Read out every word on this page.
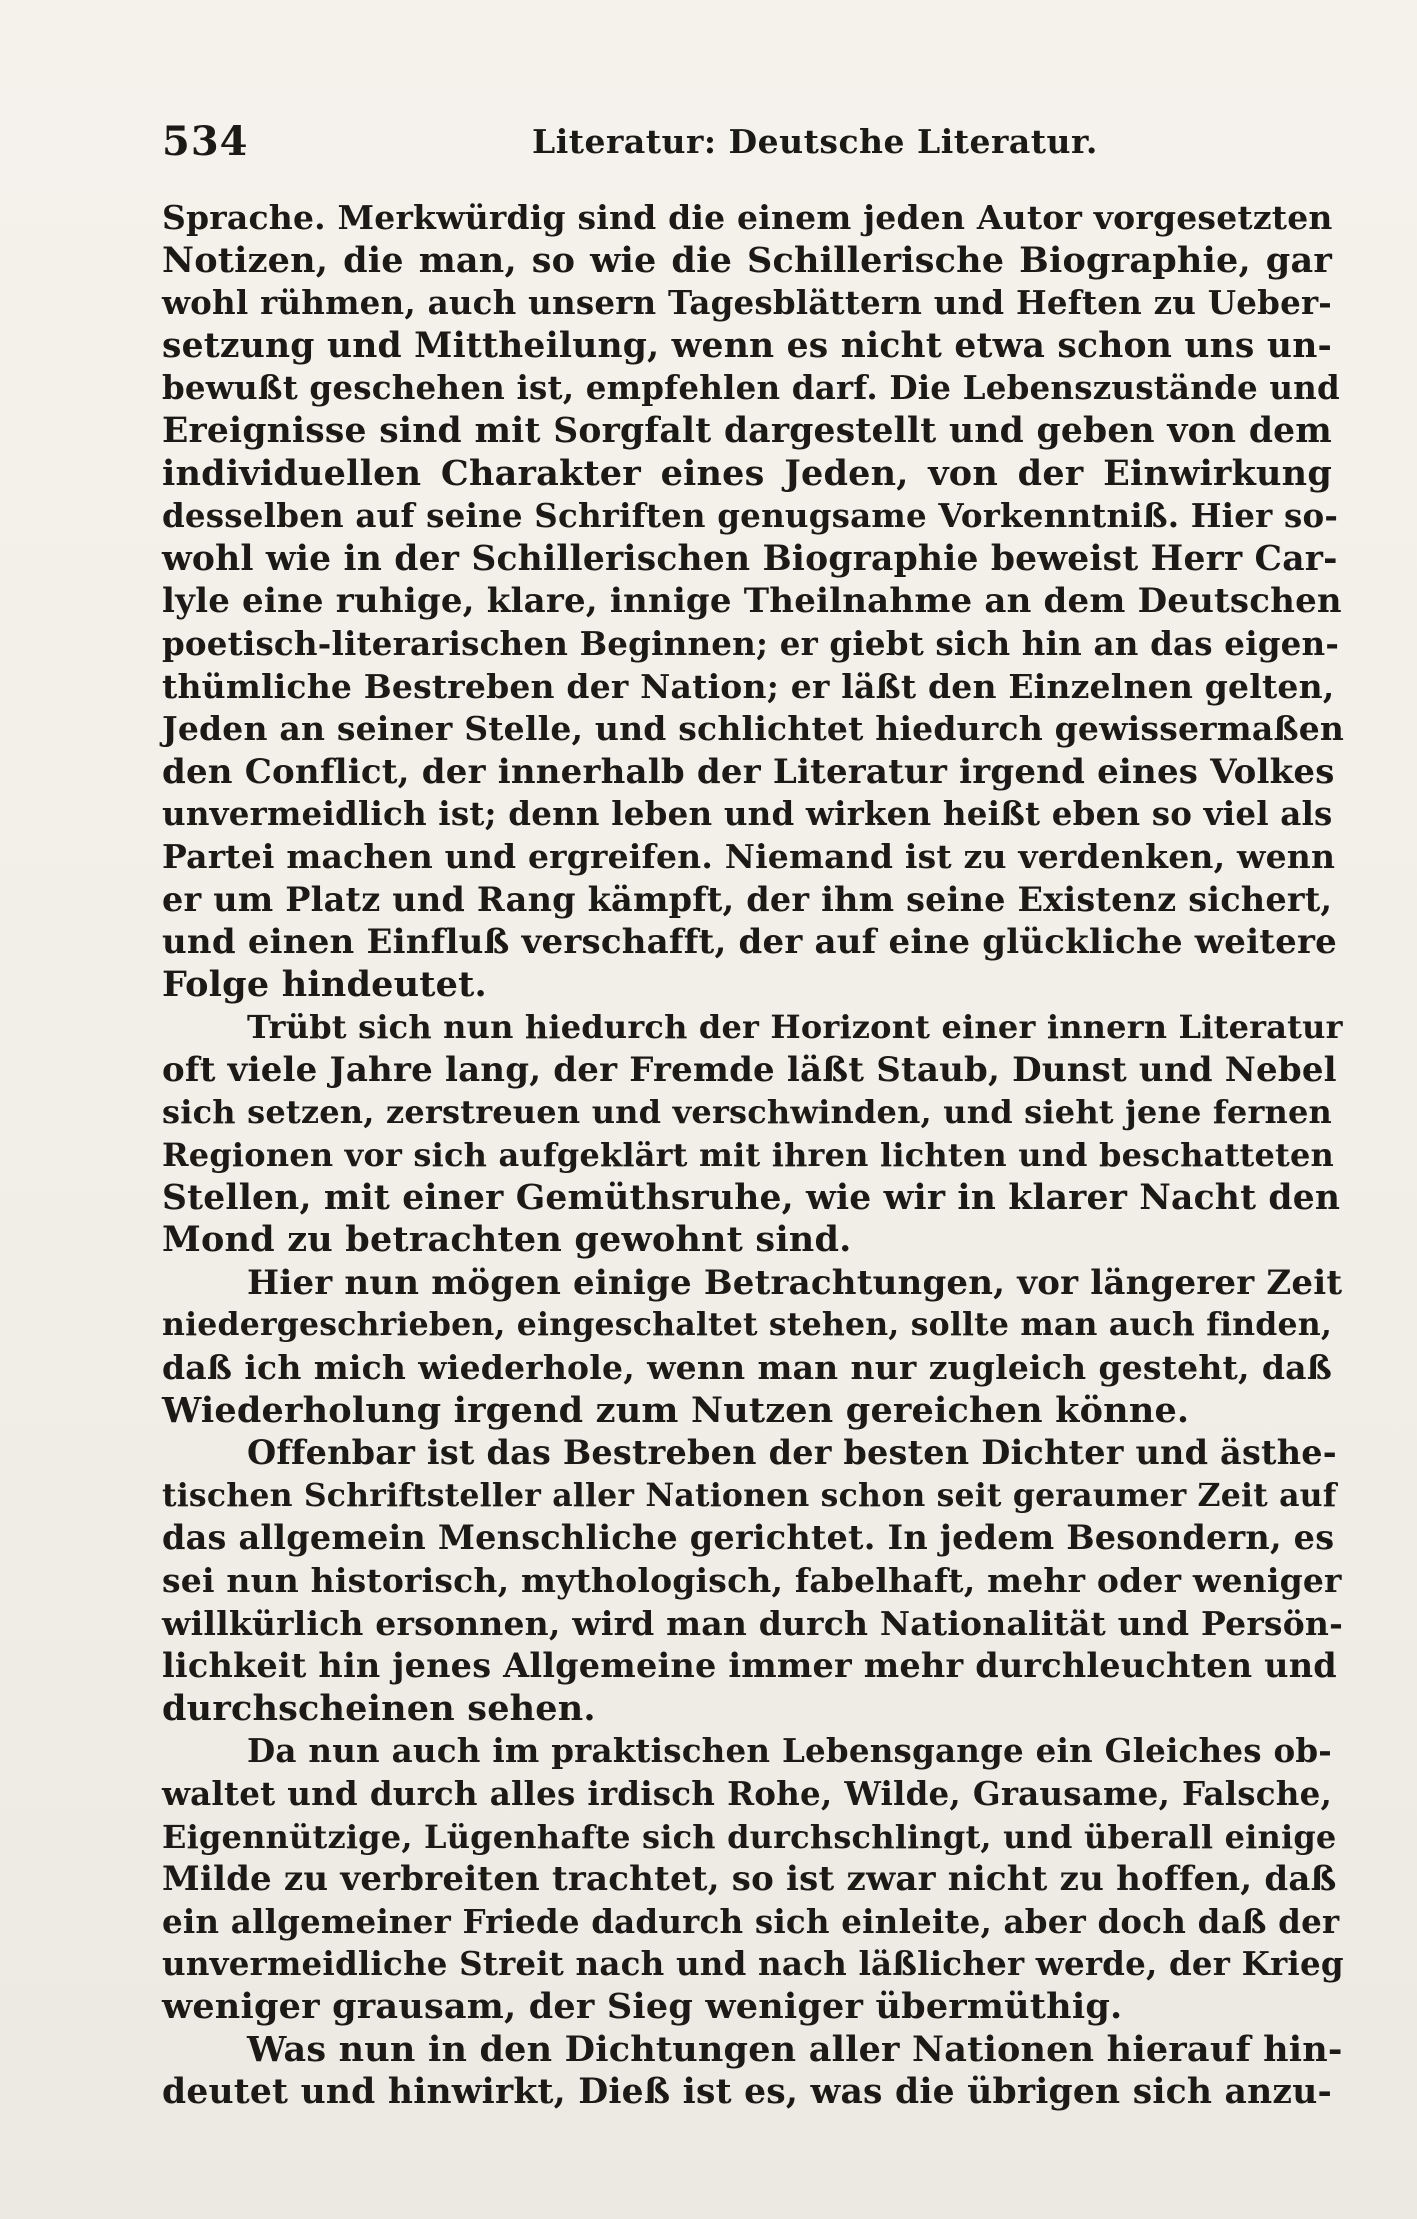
534	Literatur: Deutsche Literatur.
Sprache. Merkwürdig sind die einem jeden Autor vorgesetzten
Notizen, die man, so wie die Schillerische Biographie, gar
wohl rühmen, auch unsern Tagesblättern und Heften zu Ueber-
setzung und Mittheilung, wenn es nicht etwa schon uns un-
bewußt geschehen ist, empfehlen darf. Die Lebenszustände und
Ereignisse sind mit Sorgfalt dargestellt und geben von dem
individuellen Charakter eines Jeden, von der Einwirkung
desselben auf seine Schriften genugsame Vorkenntniß. Hier so-
wohl wie in der Schillerischen Biographie beweist Herr Car-
lyle eine ruhige, klare, innige Theilnahme an dem Deutschen
poetisch-literarischen Beginnen; er giebt sich hin an das eigen-
thümliche Bestreben der Nation; er läßt den Einzelnen gelten,
Jeden an seiner Stelle, und schlichtet hiedurch gewissermaßen
den Conflict, der innerhalb der Literatur irgend eines Volkes
unvermeidlich ist; denn leben und wirken heißt eben so viel als
Partei machen und ergreifen. Niemand ist zu verdenken, wenn
er um Platz und Rang kämpft, der ihm seine Existenz sichert,
und einen Einfluß verschafft, der auf eine glückliche weitere
Folge hindeutet.
Trübt sich nun hiedurch der Horizont einer innern Literatur
oft viele Jahre lang, der Fremde läßt Staub, Dunst und Nebel
sich setzen, zerstreuen und verschwinden, und sieht jene fernen
Regionen vor sich aufgeklärt mit ihren lichten und beschatteten
Stellen, mit einer Gemüthsruhe, wie wir in klarer Nacht den
Mond zu betrachten gewohnt sind.
Hier nun mögen einige Betrachtungen, vor längerer Zeit
niedergeschrieben, eingeschaltet stehen, sollte man auch finden,
daß ich mich wiederhole, wenn man nur zugleich gesteht, daß
Wiederholung irgend zum Nutzen gereichen könne.
Offenbar ist das Bestreben der besten Dichter und ästhe-
tischen Schriftsteller aller Nationen schon seit geraumer Zeit auf
das allgemein Menschliche gerichtet. In jedem Besondern, es
sei nun historisch, mythologisch, fabelhaft, mehr oder weniger
willkürlich ersonnen, wird man durch Nationalität und Persön-
lichkeit hin jenes Allgemeine immer mehr durchleuchten und
durchscheinen sehen.
Da nun auch im praktischen Lebensgange ein Gleiches ob-
waltet und durch alles irdisch Rohe, Wilde, Grausame, Falsche,
Eigennützige, Lügenhafte sich durchschlingt, und überall einige
Milde zu verbreiten trachtet, so ist zwar nicht zu hoffen, daß
ein allgemeiner Friede dadurch sich einleite, aber doch daß der
unvermeidliche Streit nach und nach läßlicher werde, der Krieg
weniger grausam, der Sieg weniger übermüthig.
Was nun in den Dichtungen aller Nationen hierauf hin-
deutet und hinwirkt, Dieß ist es, was die übrigen sich anzu-
